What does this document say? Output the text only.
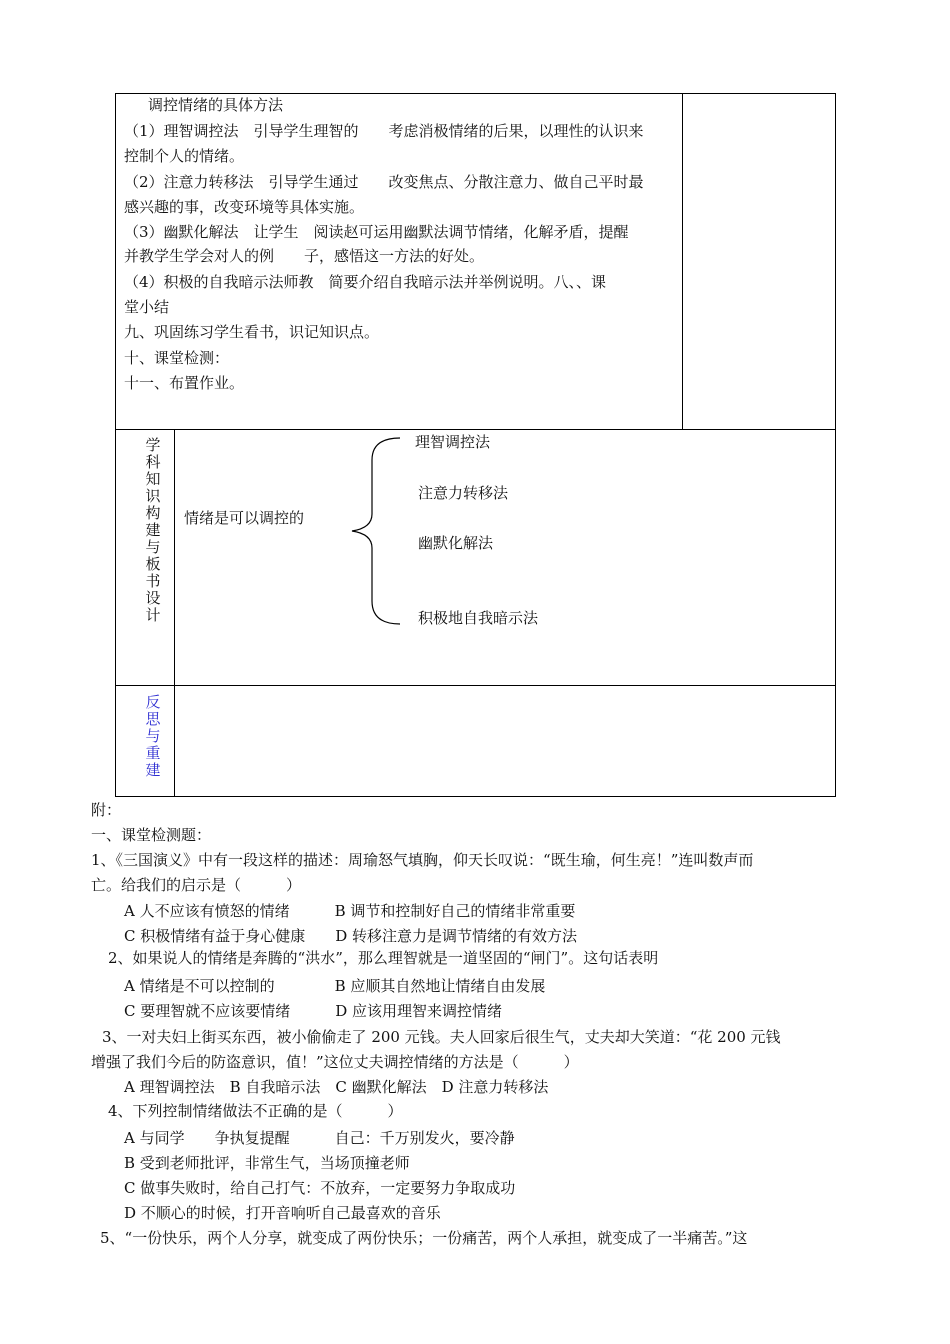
调控情绪的具体方法
（1）理智调控法　引导学生理智的　　考虑消极情绪的后果，以理性的认识来
控制个人的情绪。
（2）注意力转移法　引导学生通过　　改变焦点、分散注意力、做自己平时最
感兴趣的事，改变环境等具体实施。
（3）幽默化解法　让学生　阅读赵可运用幽默法调节情绪，化解矛盾，提醒
并教学生学会对人的例　　子，感悟这一方法的好处。
（4）积极的自我暗示法师教　简要介绍自我暗示法并举例说明。八、、课
堂小结
九、巩固练习学生看书，识记知识点。
十、课堂检测：
十一、布置作业。
学科知识构建与板书设计
情绪是可以调控的
理智调控法
注意力转移法
幽默化解法
积极地自我暗示法
反思与重建
附：
一、课堂检测题：
1、《三国演义》中有一段这样的描述：周瑜怒气填胸，仰天长叹说：“既生瑜，何生亮！”连叫数声而
亡。给我们的启示是（　　　）
A 人不应该有愤怒的情绪　　　B 调节和控制好自己的情绪非常重要
C 积极情绪有益于身心健康　　D 转移注意力是调节情绪的有效方法
2、如果说人的情绪是奔腾的“洪水”，那么理智就是一道坚固的“闸门”。这句话表明
A 情绪是不可以控制的　　　　B 应顺其自然地让情绪自由发展
C 要理智就不应该要情绪　　　D 应该用理智来调控情绪
3、一对夫妇上街买东西，被小偷偷走了 200 元钱。夫人回家后很生气，丈夫却大笑道：“花 200 元钱
增强了我们今后的防盗意识，值！”这位丈夫调控情绪的方法是（　　　）
A 理智调控法　B 自我暗示法　C 幽默化解法　D 注意力转移法
4、下列控制情绪做法不正确的是（　　　）
A 与同学　　争执复提醒　　　自己：千万别发火，要冷静
B 受到老师批评，非常生气，当场顶撞老师
C 做事失败时，给自己打气：不放弃，一定要努力争取成功
D 不顺心的时候，打开音响听自己最喜欢的音乐
5、“一份快乐，两个人分享，就变成了两份快乐；一份痛苦，两个人承担，就变成了一半痛苦。”这
